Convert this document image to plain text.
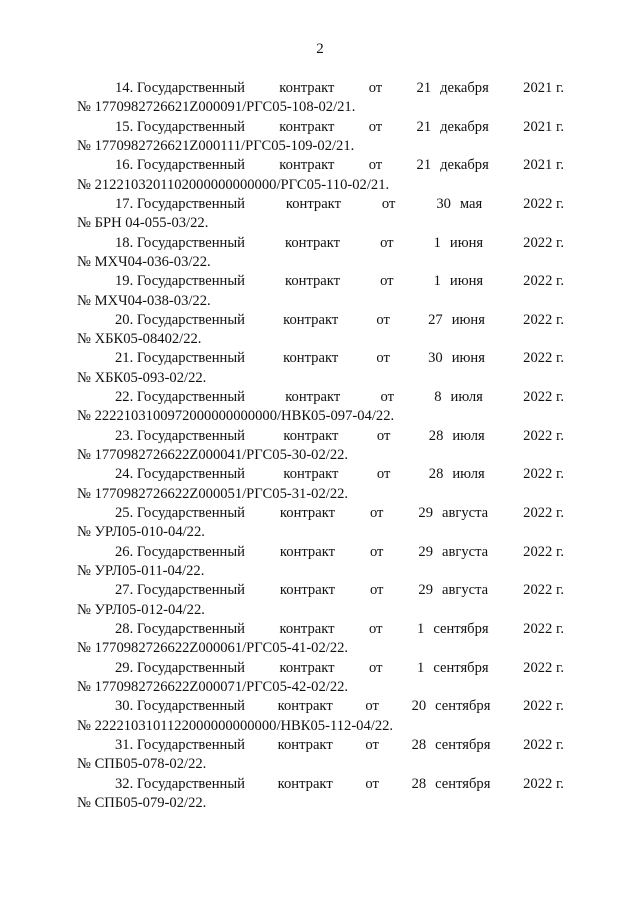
2
14. Государственный контракт от 21 декабря 2021 г.
№ 1770982726621Z000091/РГС05-108-02/21.
15. Государственный контракт от 21 декабря 2021 г.
№ 1770982726621Z000111/РГС05-109-02/21.
16. Государственный контракт от 21 декабря 2021 г.
№ 2122103201102000000000000/РГС05-110-02/21.
17. Государственный	контракт	от	30 мая	2022 г.
№ БРН 04-055-03/22.
18. Государственный	контракт	от	1 июня	2022 г.
№ МХЧ04-036-03/22.
19. Государственный	контракт	от	1 июня	2022 г.
№ МХЧ04-038-03/22.
20. Государственный	контракт	от	27 июня	2022 г.
№ ХБК05-08402/22.
21. Государственный	контракт	от	30 июня	2022 г.
№ ХБК05-093-02/22.
22. Государственный	контракт	от	8 июля	2022 г.
№ 2222103100972000000000000/НВК05-097-04/22.
23. Государственный	контракт	от	28 июля	2022 г.
№ 1770982726622Z000041/РГС05-30-02/22.
24. Государственный	контракт	от	28 июля	2022 г.
№ 1770982726622Z000051/РГС05-31-02/22.
25. Государственный контракт от 29 августа 2022 г.
№ УРЛ05-010-04/22.
26. Государственный контракт от 29 августа 2022 г.
№ УРЛ05-011-04/22.
27. Государственный контракт от 29 августа 2022 г.
№ УРЛ05-012-04/22.
28. Государственный контракт от 1 сентября 2022 г.
№ 1770982726622Z000061/РГС05-41-02/22.
29. Государственный контракт от 1 сентября 2022 г.
№ 1770982726622Z000071/РГС05-42-02/22.
30. Государственный контракт от 20 сентября 2022 г.
№ 2222103101122000000000000/НВК05-112-04/22.
31. Государственный контракт от 28 сентября 2022 г.
№ СПБ05-078-02/22.
32. Государственный контракт от 28 сентября 2022 г.
№ СПБ05-079-02/22.
